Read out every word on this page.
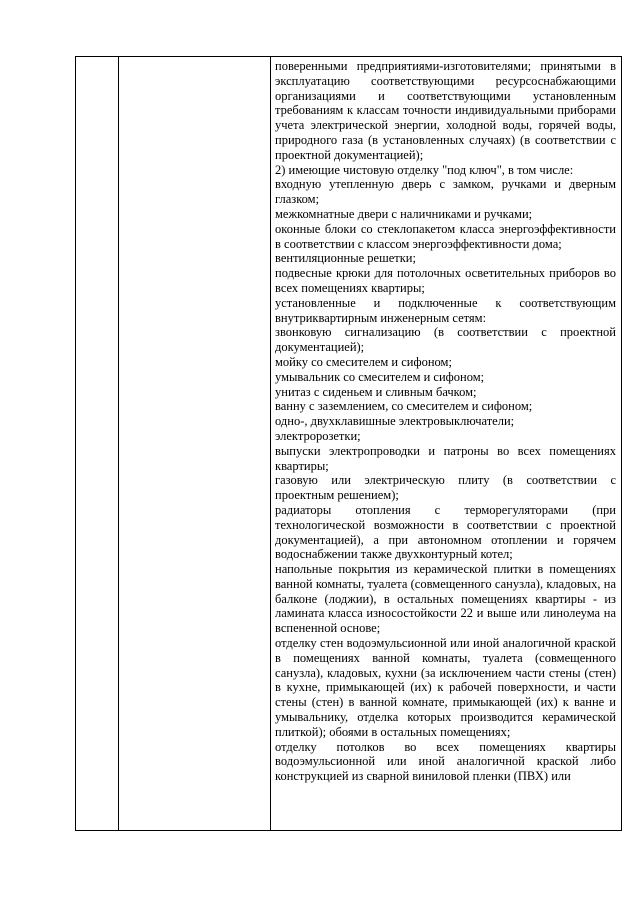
поверенными предприятиями-изготовителями; принятыми в эксплуатацию соответствующими ресурсоснабжающими организациями и соответствующими установленным требованиям к классам точности индивидуальными приборами учета электрической энергии, холодной воды, горячей воды, природного газа (в установленных случаях) (в соответствии с проектной документацией);

2) имеющие чистовую отделку "под ключ", в том числе:

входную утепленную дверь с замком, ручками и дверным глазком;

межкомнатные двери с наличниками и ручками;

оконные блоки со стеклопакетом класса энергоэффективности в соответствии с классом энергоэффективности дома;

вентиляционные решетки;

подвесные крюки для потолочных осветительных приборов во всех помещениях квартиры;

установленные и подключенные к соответствующим внутриквартирным инженерным сетям:

звонковую сигнализацию (в соответствии с проектной документацией);

мойку со смесителем и сифоном;

умывальник со смесителем и сифоном;

унитаз с сиденьем и сливным бачком;

ванну с заземлением, со смесителем и сифоном;

одно-, двухклавишные электровыключатели;

электророзетки;

выпуски электропроводки и патроны во всех помещениях квартиры;

газовую или электрическую плиту (в соответствии с проектным решением);

радиаторы отопления с терморегуляторами (при технологической возможности в соответствии с проектной документацией), а при автономном отоплении и горячем водоснабжении также двухконтурный котел;

напольные покрытия из керамической плитки в помещениях ванной комнаты, туалета (совмещенного санузла), кладовых, на балконе (лоджии), в остальных помещениях квартиры - из ламината класса износостойкости 22 и выше или линолеума на вспененной основе;

отделку стен водоэмульсионной или иной аналогичной краской в помещениях ванной комнаты, туалета (совмещенного санузла), кладовых, кухни (за исключением части стены (стен) в кухне, примыкающей (их) к рабочей поверхности, и части стены (стен) в ванной комнате, примыкающей (их) к ванне и умывальнику, отделка которых производится керамической плиткой); обоями в остальных помещениях;

отделку потолков во всех помещениях квартиры водоэмульсионной или иной аналогичной краской либо конструкцией из сварной виниловой пленки (ПВХ) или
